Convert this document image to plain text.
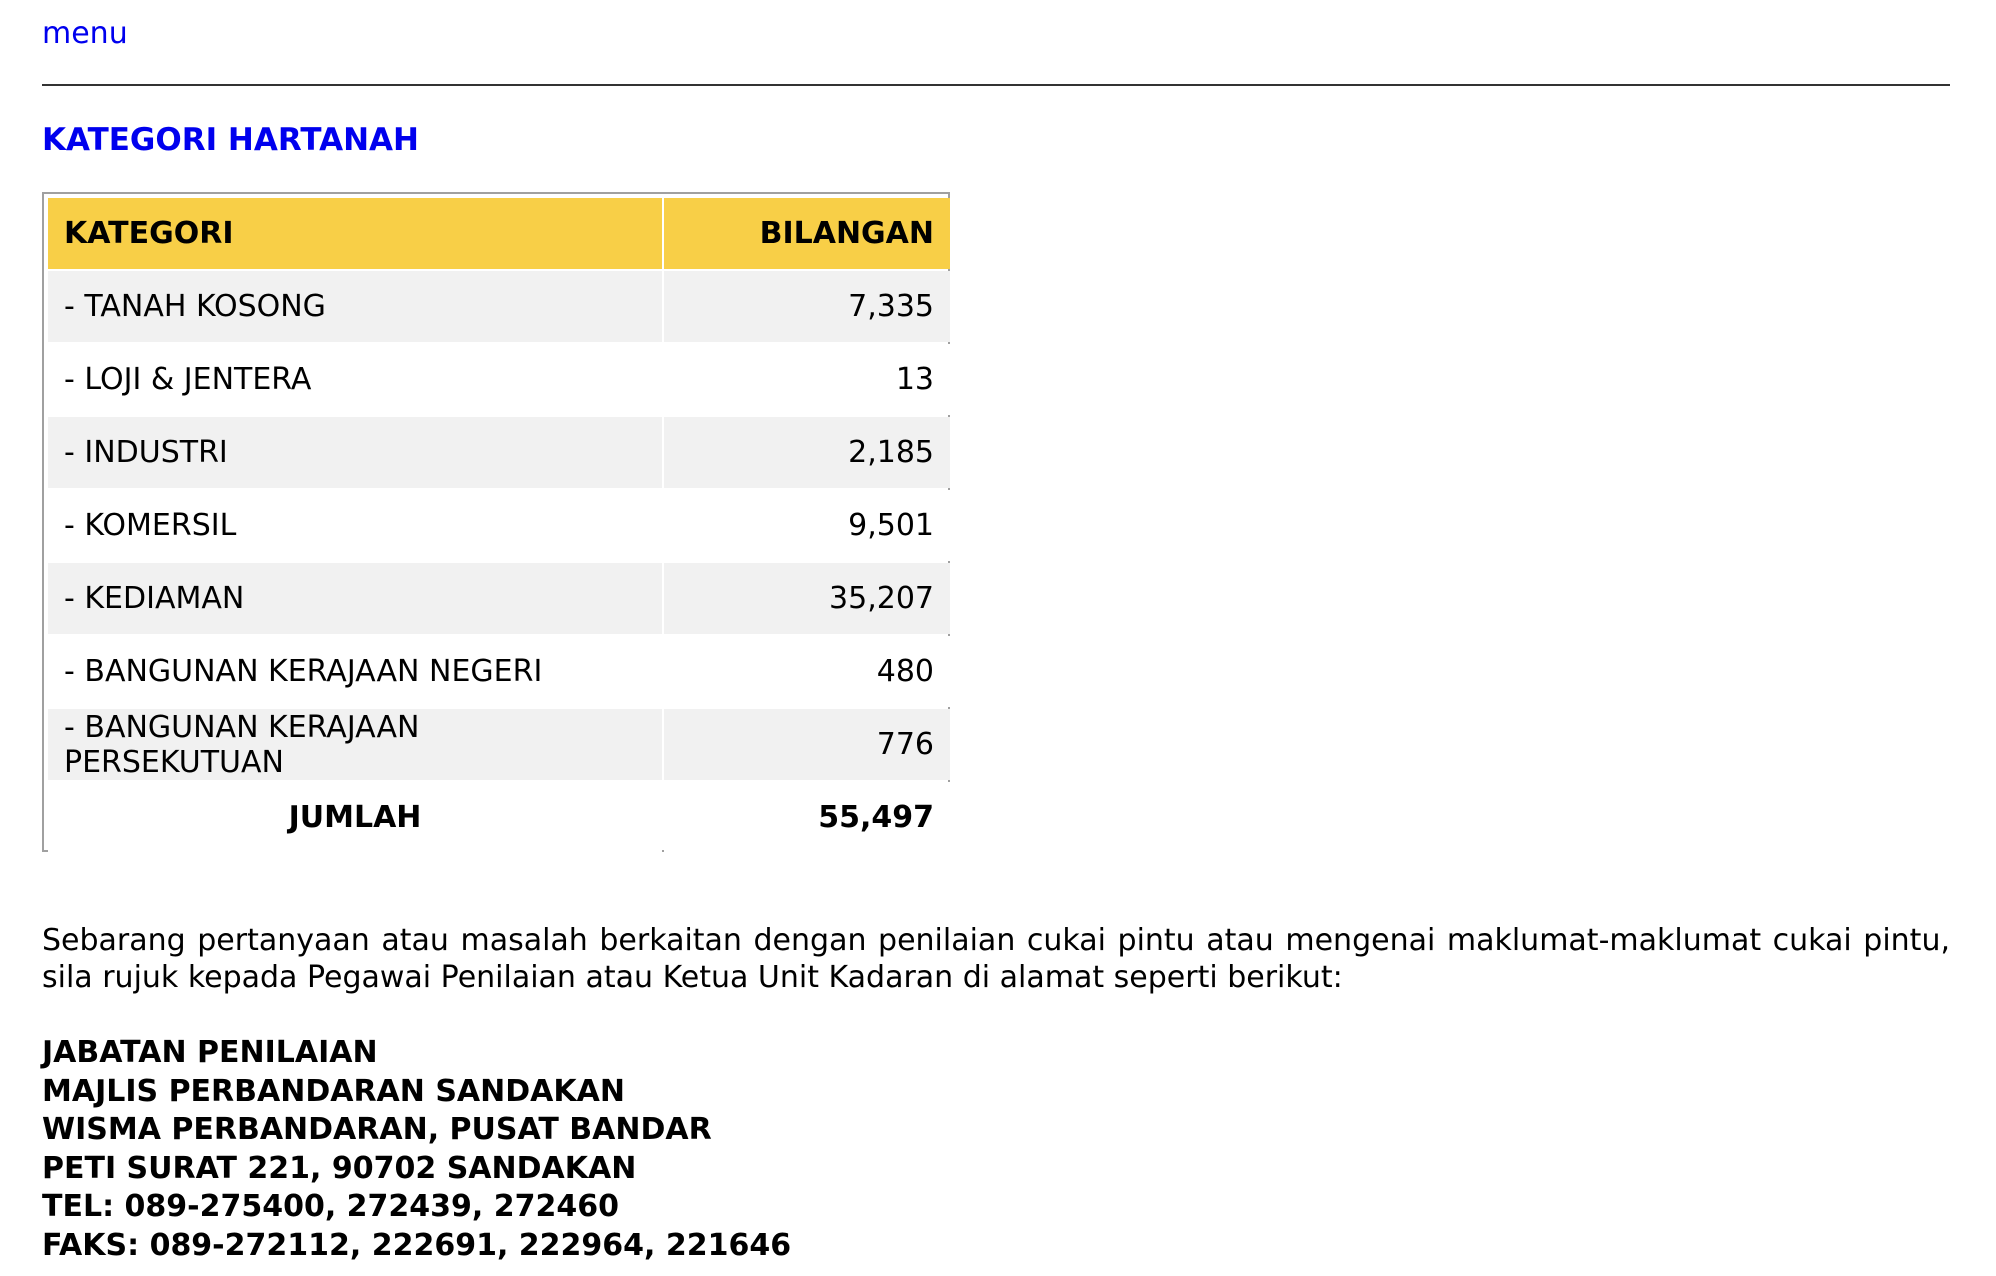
menu
KATEGORI HARTANAH
KATEGORI	BILANGAN
- TANAH KOSONG	7,335
- LOJI & JENTERA	13
- INDUSTRI	2,185
- KOMERSIL	9,501
- KEDIAMAN	35,207
- BANGUNAN KERAJAAN NEGERI	480
- BANGUNAN KERAJAAN PERSEKUTUAN	776
JUMLAH	55,497

Sebarang pertanyaan atau masalah berkaitan dengan penilaian cukai pintu atau mengenai maklumat-maklumat cukai pintu, sila rujuk kepada Pegawai Penilaian atau Ketua Unit Kadaran di alamat seperti berikut:

JABATAN PENILAIAN
MAJLIS PERBANDARAN SANDAKAN
WISMA PERBANDARAN, PUSAT BANDAR
PETI SURAT 221, 90702 SANDAKAN
TEL: 089-275400, 272439, 272460
FAKS: 089-272112, 222691, 222964, 221646
